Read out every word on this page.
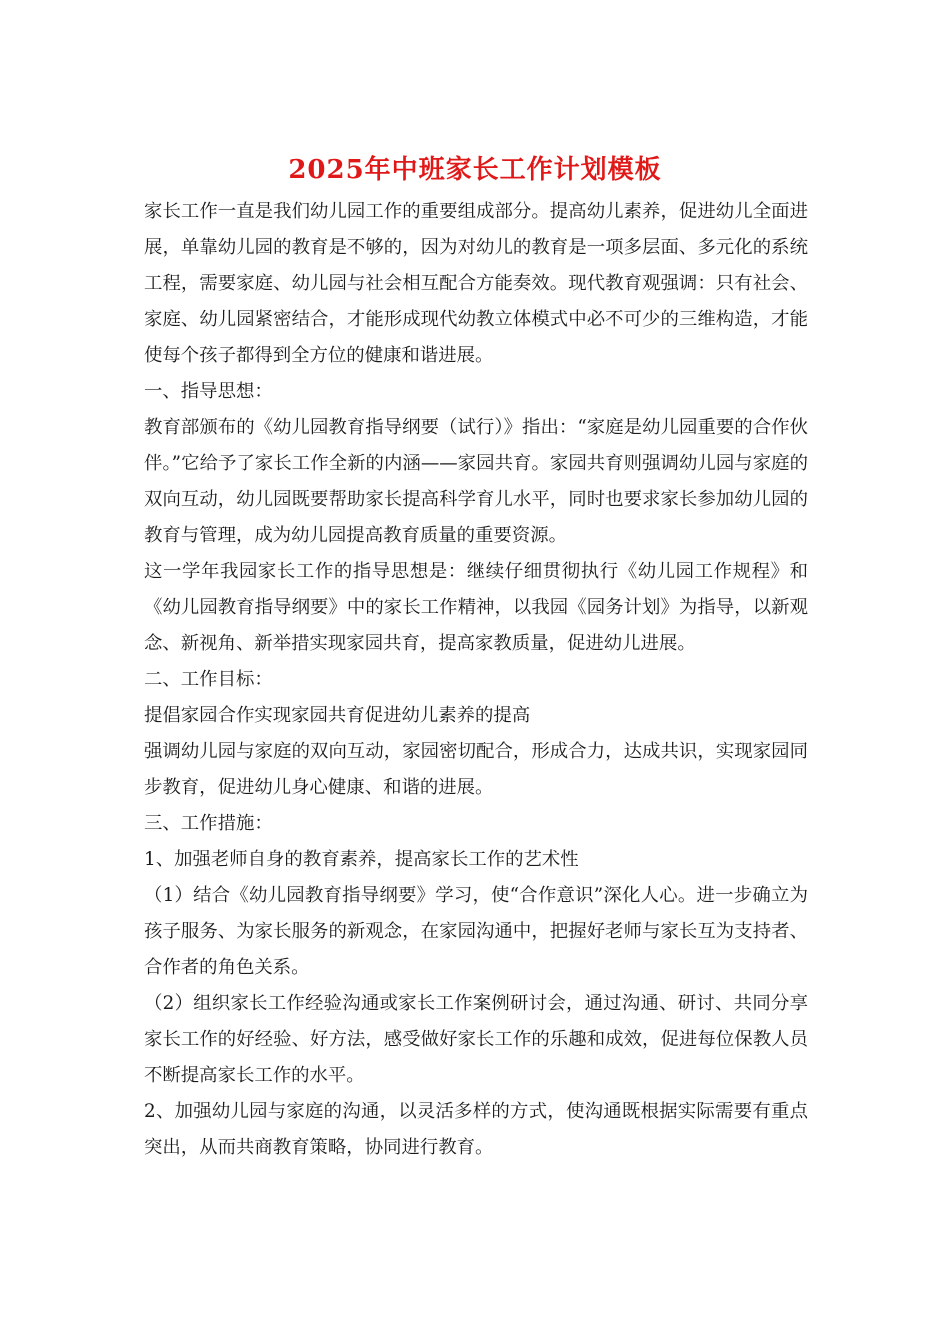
2025年中班家长工作计划模板

家长工作一直是我们幼儿园工作的重要组成部分。提高幼儿素养，促进幼儿全面进展，单靠幼儿园的教育是不够的，因为对幼儿的教育是一项多层面、多元化的系统工程，需要家庭、幼儿园与社会相互配合方能奏效。现代教育观强调：只有社会、家庭、幼儿园紧密结合，才能形成现代幼教立体模式中必不可少的三维构造，才能使每个孩子都得到全方位的健康和谐进展。

一、指导思想：

教育部颁布的《幼儿园教育指导纲要（试行）》指出：“家庭是幼儿园重要的合作伙伴。”它给予了家长工作全新的内涵——家园共育。家园共育则强调幼儿园与家庭的双向互动，幼儿园既要帮助家长提高科学育儿水平，同时也要求家长参加幼儿园的教育与管理，成为幼儿园提高教育质量的重要资源。

这一学年我园家长工作的指导思想是：继续仔细贯彻执行《幼儿园工作规程》和《幼儿园教育指导纲要》中的家长工作精神，以我园《园务计划》为指导，以新观念、新视角、新举措实现家园共育，提高家教质量，促进幼儿进展。

二、工作目标：

提倡家园合作实现家园共育促进幼儿素养的提高

强调幼儿园与家庭的双向互动，家园密切配合，形成合力，达成共识，实现家园同步教育，促进幼儿身心健康、和谐的进展。

三、工作措施：

1、加强老师自身的教育素养，提高家长工作的艺术性

（1）结合《幼儿园教育指导纲要》学习，使“合作意识”深化人心。进一步确立为孩子服务、为家长服务的新观念，在家园沟通中，把握好老师与家长互为支持者、合作者的角色关系。

（2）组织家长工作经验沟通或家长工作案例研讨会，通过沟通、研讨、共同分享家长工作的好经验、好方法，感受做好家长工作的乐趣和成效，促进每位保教人员不断提高家长工作的水平。

2、加强幼儿园与家庭的沟通，以灵活多样的方式，使沟通既根据实际需要有重点突出，从而共商教育策略，协同进行教育。
